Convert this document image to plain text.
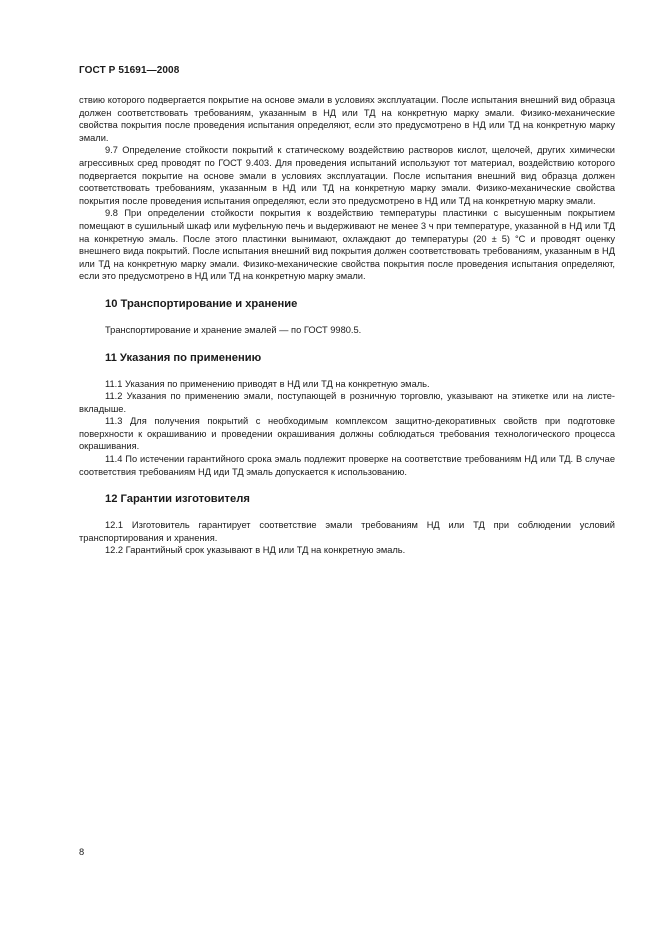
ГОСТ Р 51691—2008

ствию которого подвергается покрытие на основе эмали в условиях эксплуатации. После испытания внешний вид образца должен соответствовать требованиям, указанным в НД или ТД на конкретную марку эмали. Физико-механические свойства покрытия после проведения испытания определяют, если это предусмотрено в НД или ТД на конкретную марку эмали.

9.7 Определение стойкости покрытий к статическому воздействию растворов кислот, щелочей, других химически агрессивных сред проводят по ГОСТ 9.403. Для проведения испытаний используют тот материал, воздействию которого подвергается покрытие на основе эмали в условиях эксплуатации. После испытания внешний вид образца должен соответствовать требованиям, указанным в НД или ТД на конкретную марку эмали. Физико-механические свойства покрытия после проведения испытания определяют, если это предусмотрено в НД или ТД на конкретную марку эмали.

9.8 При определении стойкости покрытия к воздействию температуры пластинки с высушенным покрытием помещают в сушильный шкаф или муфельную печь и выдерживают не менее 3 ч при температуре, указанной в НД или ТД на конкретную эмаль. После этого пластинки вынимают, охлаждают до температуры (20 ± 5) °С и проводят оценку внешнего вида покрытий. После испытания внешний вид покрытия должен соответствовать требованиям, указанным в НД или ТД на конкретную марку эмали. Физико-механические свойства покрытия после проведения испытания определяют, если это предусмотрено в НД или ТД на конкретную марку эмали.

10 Транспортирование и хранение

Транспортирование и хранение эмалей — по ГОСТ 9980.5.

11 Указания по применению

11.1 Указания по применению приводят в НД или ТД на конкретную эмаль.

11.2 Указания по применению эмали, поступающей в розничную торговлю, указывают на этикетке или на листе-вкладыше.

11.3 Для получения покрытий с необходимым комплексом защитно-декоративных свойств при подготовке поверхности к окрашиванию и проведении окрашивания должны соблюдаться требования технологического процесса окрашивания.

11.4 По истечении гарантийного срока эмаль подлежит проверке на соответствие требованиям НД или ТД. В случае соответствия требованиям НД иди ТД эмаль допускается к использованию.

12 Гарантии изготовителя

12.1 Изготовитель гарантирует соответствие эмали требованиям НД или ТД при соблюдении условий транспортирования и хранения.

12.2 Гарантийный срок указывают в НД или ТД на конкретную эмаль.

8
